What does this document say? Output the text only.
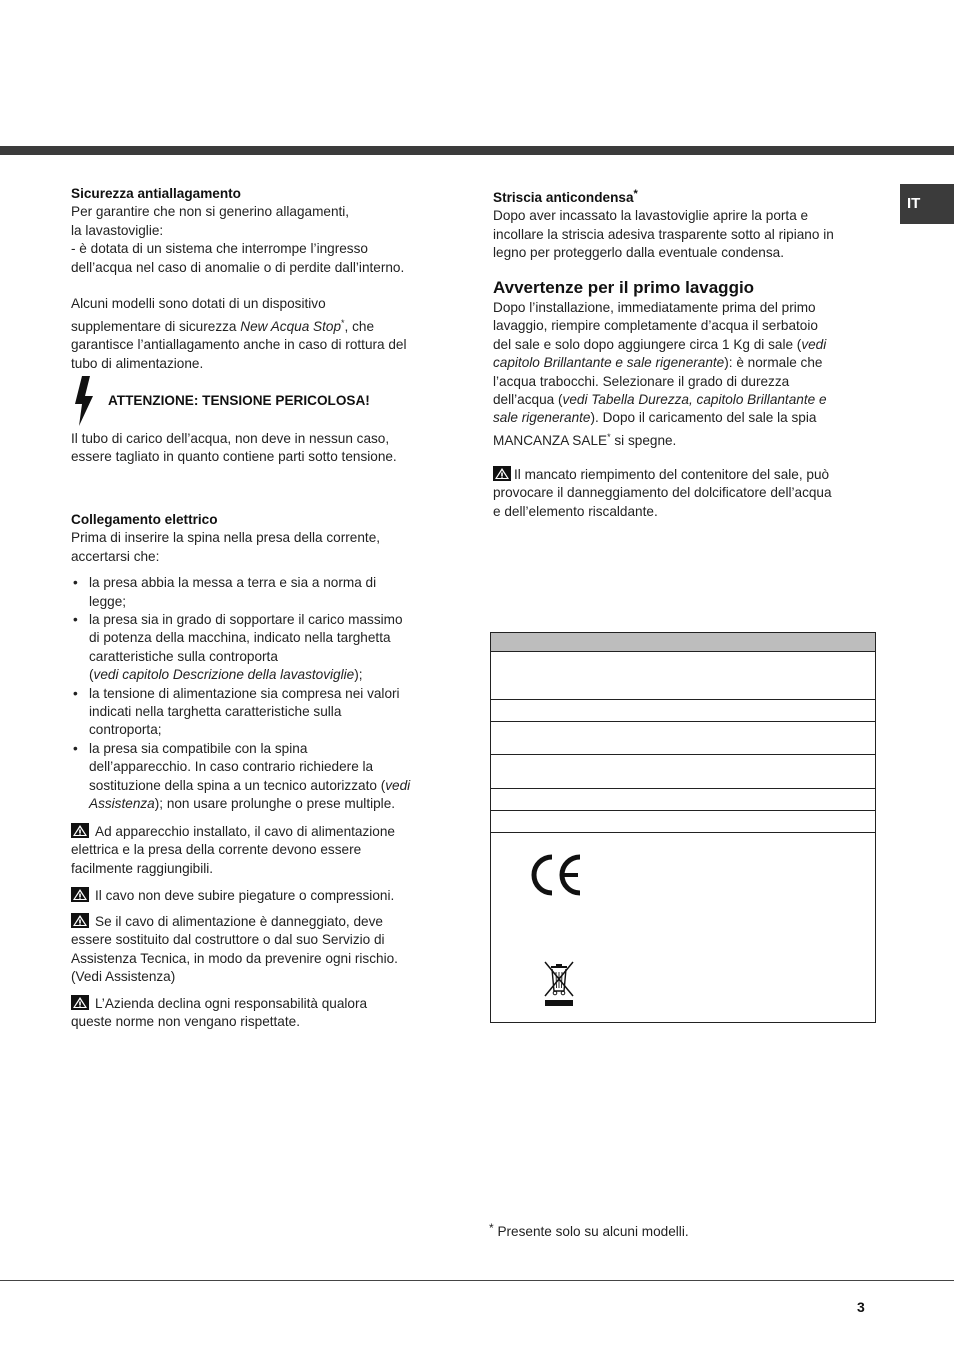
IT

Sicurezza antiallagamento

Per garantire che non si generino allagamenti,

la lavastoviglie:

- è dotata di un sistema che interrompe l’ingresso

dell’acqua nel caso di anomalie o di perdite dall’interno.

Alcuni modelli sono dotati di un dispositivo

supplementare di sicurezza New Acqua Stop*, che

garantisce l’antiallagamento anche in caso di rottura del

tubo di alimentazione.

ATTENZIONE: TENSIONE PERICOLOSA!

Il tubo di carico dell’acqua, non deve in nessun caso,

essere tagliato in quanto contiene parti sotto tensione.

Collegamento elettrico

Prima di inserire la spina nella presa della corrente,

accertarsi che:

• la presa abbia la messa a terra e sia a norma di
legge;
• la presa sia in grado di sopportare il carico massimo
di potenza della macchina, indicato nella targhetta
caratteristiche sulla controporta
(vedi capitolo Descrizione della lavastoviglie);
• la tensione di alimentazione sia compresa nei valori
indicati nella targhetta caratteristiche sulla
controporta;
• la presa sia compatibile con la spina
dell’apparecchio. In caso contrario richiedere la
sostituzione della spina a un tecnico autorizzato (vedi
Assistenza); non usare prolunghe o prese multiple.

Ad apparecchio installato, il cavo di alimentazione

elettrica e la presa della corrente devono essere

facilmente raggiungibili.

Il cavo non deve subire piegature o compressioni.

Se il cavo di alimentazione è danneggiato, deve

essere sostituito dal costruttore o dal suo Servizio di

Assistenza Tecnica, in modo da prevenire ogni rischio.

(Vedi Assistenza)

L’Azienda declina ogni responsabilità qualora

queste norme non vengano rispettate.

Striscia anticondensa*

Dopo aver incassato la lavastoviglie aprire la porta e

incollare la striscia adesiva trasparente sotto al ripiano in

legno per proteggerlo dalla eventuale condensa.

Avvertenze per il primo lavaggio

Dopo l’installazione, immediatamente prima del primo

lavaggio, riempire completamente d’acqua il serbatoio

del sale e solo dopo aggiungere circa 1 Kg di sale (vedi

capitolo Brillantante e sale rigenerante): è normale che

l’acqua trabocchi. Selezionare il grado di durezza

dell’acqua (vedi Tabella Durezza, capitolo Brillantante e

sale rigenerante). Dopo il caricamento del sale la spia

MANCANZA SALE* si spegne.

Il mancato riempimento del contenitore del sale, può

provocare il danneggiamento del dolcificatore dell’acqua

e dell’elemento riscaldante.

* Presente solo su alcuni modelli.
3
